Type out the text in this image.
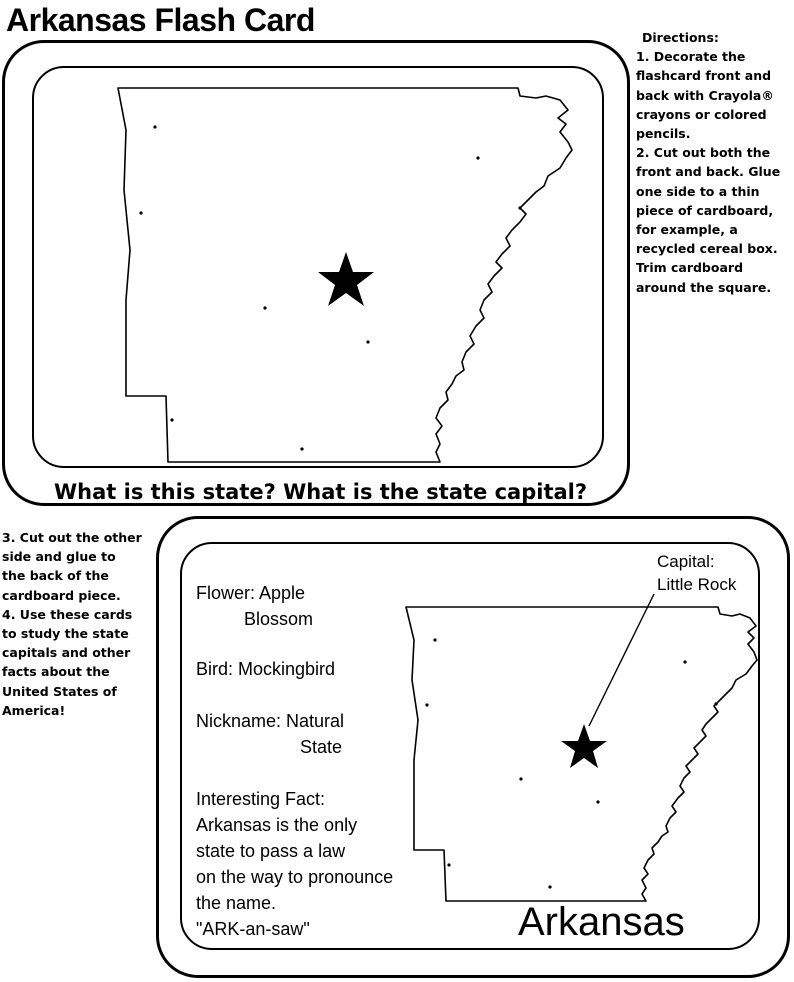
Arkansas Flash Card	Directions:
1. Decorate the
flashcard front and
back with Crayola®
crayons or colored
pencils.
2. Cut out both the
front and back. Glue
one side to a thin
piece of cardboard,
for example, a
recycled cereal box.
Trim cardboard
around the square.
3. Cut out the other
side and glue to
the back of the
cardboard piece.
4. Use these cards
to study the state
capitals and other
facts about the
United States of
America!
What is this state? What is the state capital?
Capital:
Little Rock
Flower: Apple
Blossom
Bird: Mockingbird
Nickname: Natural
State
Interesting Fact:
Arkansas is the only
state to pass a law
on the way to pronounce
the name.
"ARK-an-saw"	Arkansas
